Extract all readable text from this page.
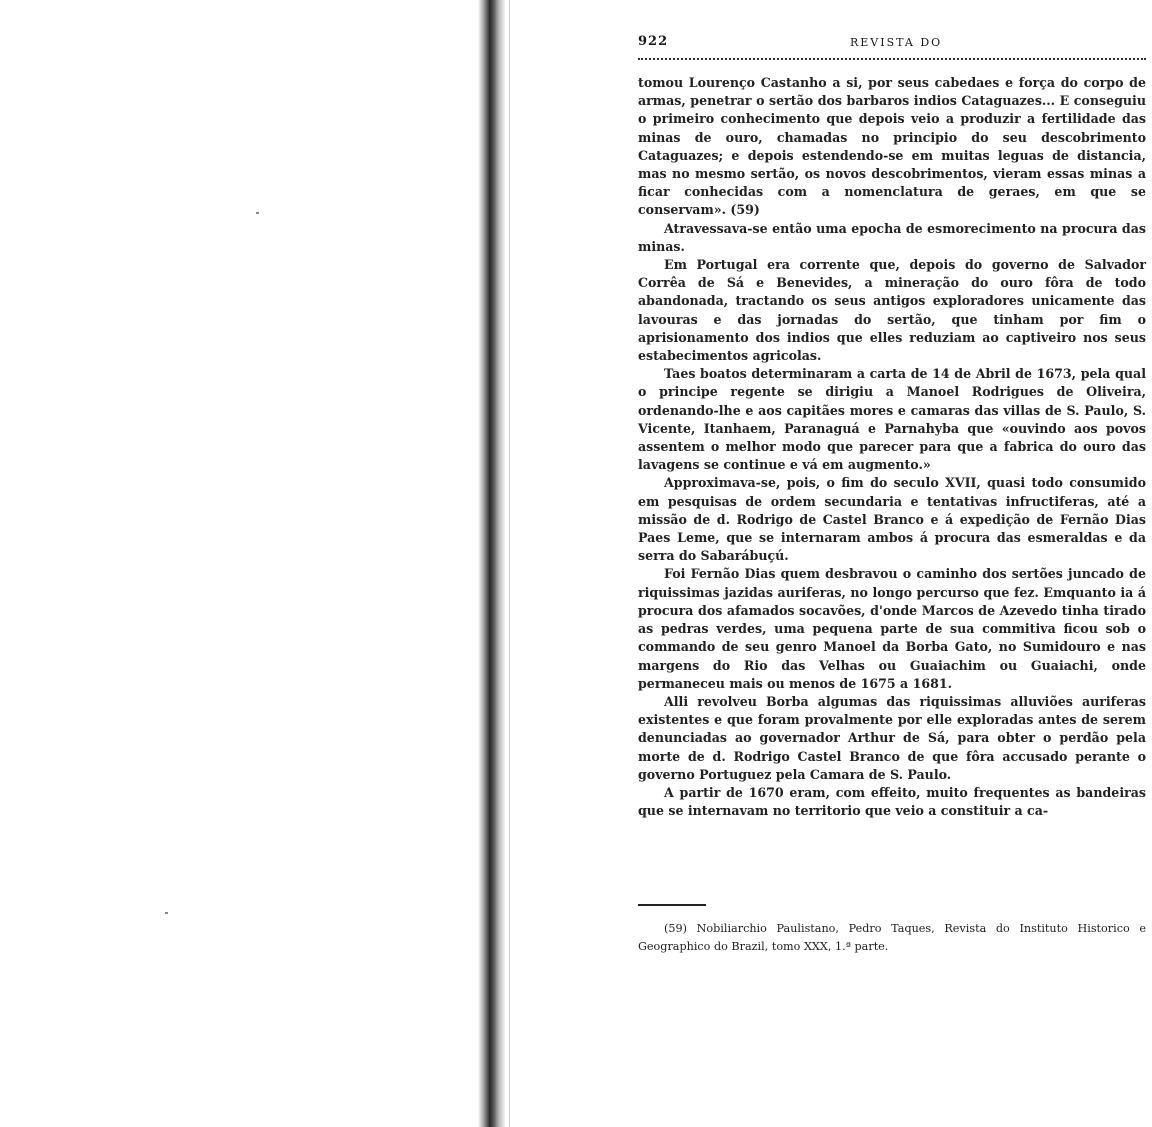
922	REVISTA DO

tomou Lourenço Castanho a si, por seus cabedaes e força do corpo de armas, penetrar o sertão dos barbaros indios Cataguazes... E conseguiu o primeiro conhecimento que depois veio a produzir a fertilidade das minas de ouro, chamadas no principio do seu descobrimento Cataguazes; e depois estendendo-se em muitas leguas de distancia, mas no mesmo sertão, os novos descobrimentos, vieram essas minas a ficar conhecidas com a nomenclatura de geraes, em que se conservam». (59)

Atravessava-se então uma epocha de esmorecimento na procura das minas.

Em Portugal era corrente que, depois do governo de Salvador Corrêa de Sá e Benevides, a mineração do ouro fôra de todo abandonada, tractando os seus antigos exploradores unicamente das lavouras e das jornadas do sertão, que tinham por fim o aprisionamento dos indios que elles reduziam ao captiveiro nos seus estabecimentos agricolas.

Taes boatos determinaram a carta de 14 de Abril de 1673, pela qual o principe regente se dirigiu a Manoel Rodrigues de Oliveira, ordenando-lhe e aos capitães mores e camaras das villas de S. Paulo, S. Vicente, Itanhaem, Paranaguá e Parnahyba que «ouvindo aos povos assentem o melhor modo que parecer para que a fabrica do ouro das lavagens se continue e vá em augmento.»

Approximava-se, pois, o fim do seculo XVII, quasi todo consumido em pesquisas de ordem secundaria e tentativas infructiferas, até a missão de d. Rodrigo de Castel Branco e á expedição de Fernão Dias Paes Leme, que se internaram ambos á procura das esmeraldas e da serra do Sabarábuçú.

Foi Fernão Dias quem desbravou o caminho dos sertões juncado de riquissimas jazidas auriferas, no longo percurso que fez. Emquanto ia á procura dos afamados socavões, d'onde Marcos de Azevedo tinha tirado as pedras verdes, uma pequena parte de sua commitiva ficou sob o commando de seu genro Manoel da Borba Gato, no Sumidouro e nas margens do Rio das Velhas ou Guaiachim ou Guaiachi, onde permaneceu mais ou menos de 1675 a 1681.

Alli revolveu Borba algumas das riquissimas alluviões auriferas existentes e que foram provalmente por elle exploradas antes de serem denunciadas ao governador Arthur de Sá, para obter o perdão pela morte de d. Rodrigo Castel Branco de que fôra accusado perante o governo Portuguez pela Camara de S. Paulo.

A partir de 1670 eram, com effeito, muito frequentes as bandeiras que se internavam no territorio que veio a constituir a ca-

(59) Nobiliarchio Paulistano, Pedro Taques, Revista do Instituto Historico e Geographico do Brazil, tomo XXX, 1.ª parte.
